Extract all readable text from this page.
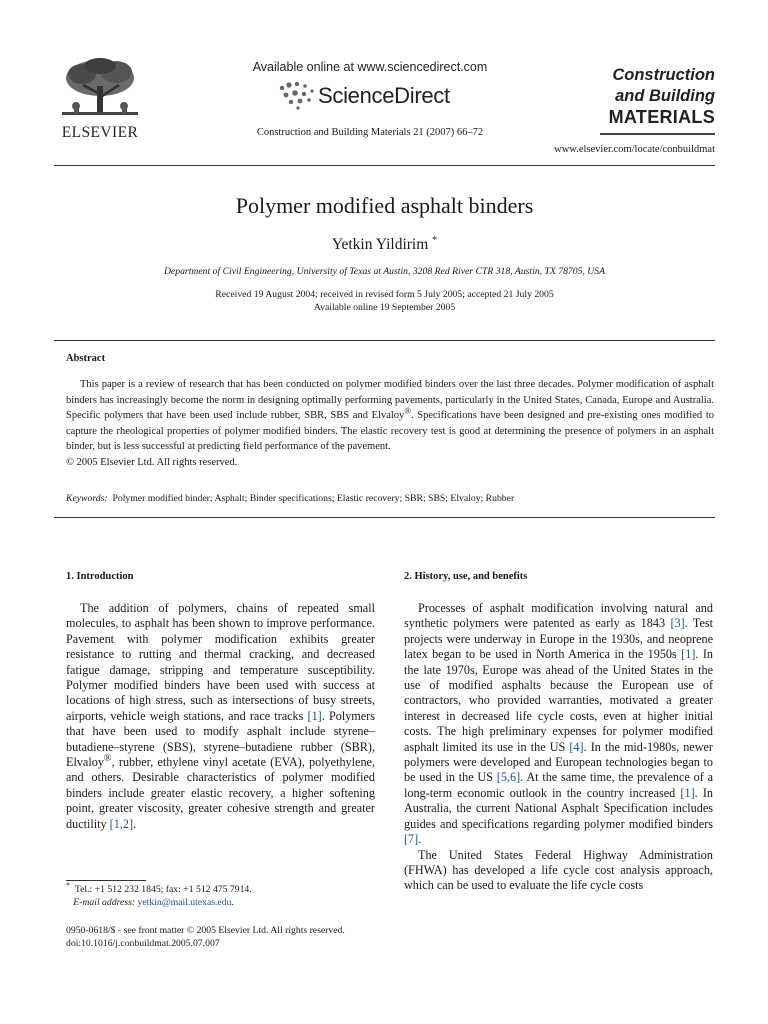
ELSEVIER
Available online at www.sciencedirect.com
ScienceDirect
Construction and Building Materials 21 (2007) 66–72
Construction
and Building
MATERIALS
www.elsevier.com/locate/conbuildmat
Polymer modified asphalt binders
Yetkin Yildirim *
Department of Civil Engineering, University of Texas at Austin, 3208 Red River CTR 318, Austin, TX 78705, USA
Received 19 August 2004; received in revised form 5 July 2005; accepted 21 July 2005
Available online 19 September 2005
Abstract

This paper is a review of research that has been conducted on polymer modified binders over the last three decades. Polymer modification of asphalt binders has increasingly become the norm in designing optimally performing pavements, particularly in the United States, Canada, Europe and Australia. Specific polymers that have been used include rubber, SBR, SBS and Elvaloy®. Specifications have been designed and pre-existing ones modified to capture the rheological properties of polymer modified binders. The elastic recovery test is good at determining the presence of polymers in an asphalt binder, but is less successful at predicting field performance of the pavement.

© 2005 Elsevier Ltd. All rights reserved.

Keywords: Polymer modified binder; Asphalt; Binder specifications; Elastic recovery; SBR; SBS; Elvaloy; Rubber
1. Introduction	2. History, use, and benefits

The addition of polymers, chains of repeated small molecules, to asphalt has been shown to improve performance. Pavement with polymer modification exhibits greater resistance to rutting and thermal cracking, and decreased fatigue damage, stripping and temperature susceptibility. Polymer modified binders have been used with success at locations of high stress, such as intersections of busy streets, airports, vehicle weigh stations, and race tracks [1]. Polymers that have been used to modify asphalt include styrene–butadiene–styrene (SBS), styrene–butadiene rubber (SBR), Elvaloy®, rubber, ethylene vinyl acetate (EVA), polyethylene, and others. Desirable characteristics of polymer modified binders include greater elastic recovery, a higher softening point, greater viscosity, greater cohesive strength and greater ductility [1,2].

Processes of asphalt modification involving natural and synthetic polymers were patented as early as 1843 [3]. Test projects were underway in Europe in the 1930s, and neoprene latex began to be used in North America in the 1950s [1]. In the late 1970s, Europe was ahead of the United States in the use of modified asphalts because the European use of contractors, who provided warranties, motivated a greater interest in decreased life cycle costs, even at higher initial costs. The high preliminary expenses for polymer modified asphalt limited its use in the US [4]. In the mid-1980s, newer polymers were developed and European technologies began to be used in the US [5,6]. At the same time, the prevalence of a long-term economic outlook in the country increased [1]. In Australia, the current National Asphalt Specification includes guides and specifications regarding polymer modified binders [7].

The United States Federal Highway Administration (FHWA) has developed a life cycle cost analysis approach, which can be used to evaluate the life cycle costs

* Tel.: +1 512 232 1845; fax: +1 512 475 7914.
E-mail address: yetkin@mail.utexas.edu.
0950-0618/$ - see front matter © 2005 Elsevier Ltd. All rights reserved.
doi:10.1016/j.conbuildmat.2005.07.007
